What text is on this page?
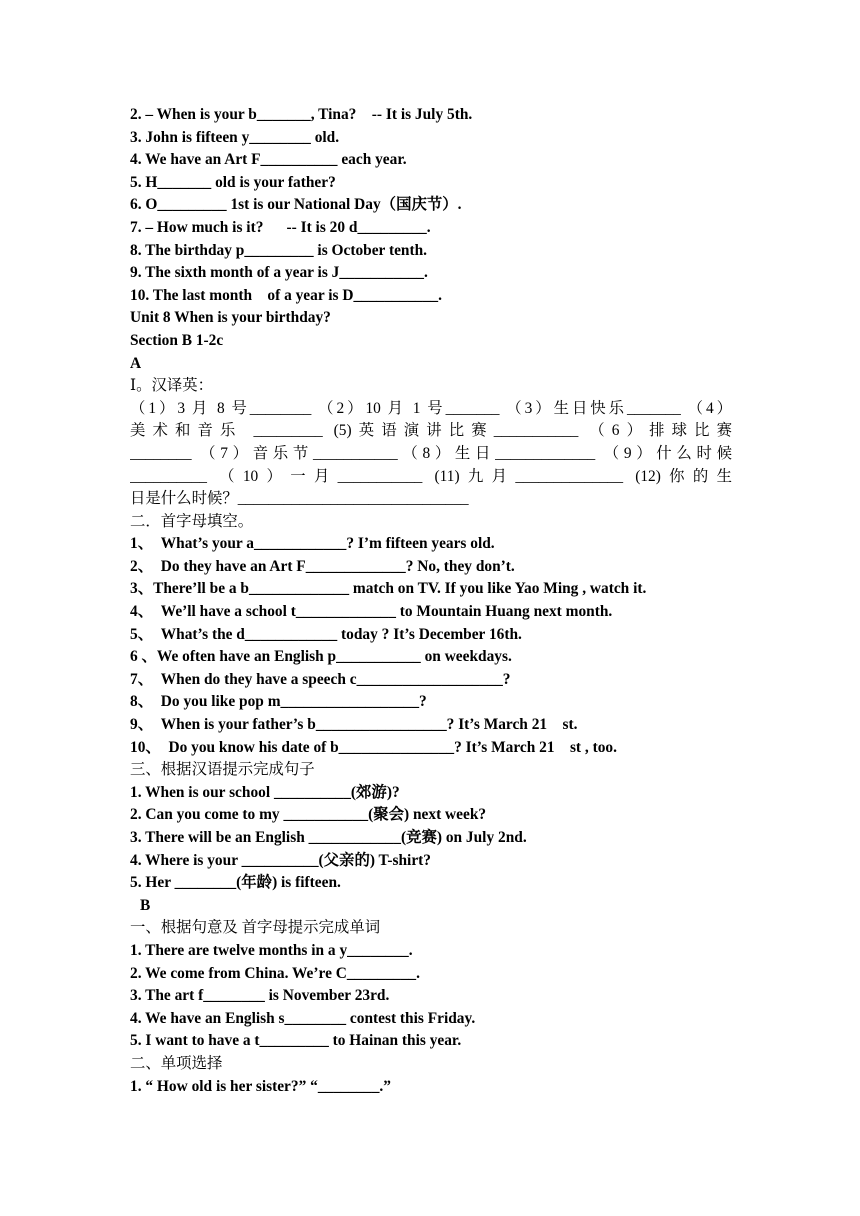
2. – When is your b_______, Tina?    -- It is July 5th.
3. John is fifteen y________ old.
4. We have an Art F__________ each year.
5. H_______ old is your father?
6. O_________ 1st is our National Day（国庆节）.
7. – How much is it?      -- It is 20 d_________.
8. The birthday p_________ is October tenth.
9. The sixth month of a year is J___________.
10. The last month    of a year is D___________.
Unit 8 When is your birthday?
Section B 1-2c
A
Ⅰ。汉译英：
（1）3 月 8 号________ （2）10 月 1 号_______ （3）生日快乐_______ （4）
美术和音乐 _________ (5)英语演讲比赛___________ （6）排球比赛
________ （7）音乐节___________（8）生日_____________ （9）什么时候
__________ （10）一月___________ (11)九月______________ (12)你的生
日是什么时候？______________________________
二．首字母填空。
1、  What’s your a____________? I’m fifteen years old.
2、  Do they have an Art F_____________? No, they don’t.
3、There’ll be a b_____________ match on TV. If you like Yao Ming , watch it.
4、  We’ll have a school t_____________ to Mountain Huang next month.
5、  What’s the d____________ today ? It’s December 16th.
6 、We often have an English p___________ on weekdays.
7、  When do they have a speech c___________________?
8、  Do you like pop m__________________?
9、  When is your father’s b_________________? It’s March 21    st.
10、  Do you know his date of b_______________? It’s March 21    st , too.
三、根据汉语提示完成句子
1. When is our school __________(郊游)?
2. Can you come to my ___________(聚会) next week?
3. There will be an English ____________(竞赛) on July 2nd.
4. Where is your __________(父亲的) T-shirt?
5. Her ________(年龄) is fifteen.
B
一、根据句意及 首字母提示完成单词
1. There are twelve months in a y________.
2. We come from China. We’re C_________.
3. The art f________ is November 23rd.
4. We have an English s________ contest this Friday.
5. I want to have a t_________ to Hainan this year.
二、单项选择
1. “ How old is her sister?” “________.”
